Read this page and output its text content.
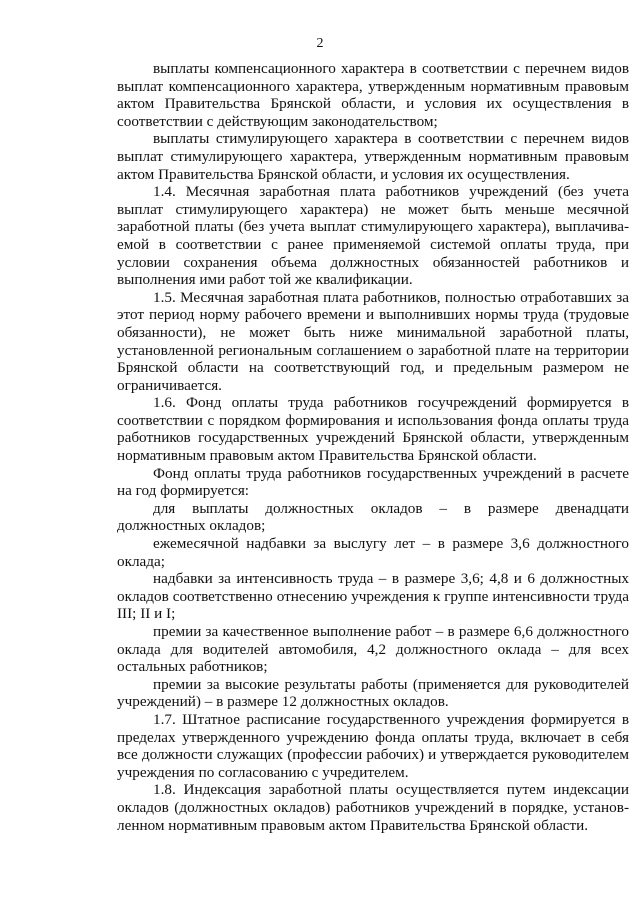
2

выплаты компенсационного характера в соответствии с перечнем видов выплат компенсационного характера, утвержденным нормативным правовым актом Правительства Брянской области, и условия их осуществления в соответствии с действующим законодательством;

выплаты стимулирующего характера в соответствии с перечнем видов выплат стимулирующего характера, утвержденным нормативным правовым актом Правительства Брянской области, и условия их осуществления.

1.4. Месячная заработная плата работников учреждений (без учета выплат стимулирующего характера) не может быть меньше месячной заработной платы (без учета выплат стимулирующего характера), выплачиваемой в соответствии с ранее применяемой системой оплаты труда, при условии сохранения объема должностных обязанностей работников и выполнения ими работ той же квалификации.

1.5. Месячная заработная плата работников, полностью отработавших за этот период норму рабочего времени и выполнивших нормы труда (трудовые обязанности), не может быть ниже минимальной заработной платы, установленной региональным соглашением о заработной плате на территории Брянской области на соответствующий год, и предельным размером не ограничивается.

1.6. Фонд оплаты труда работников госучреждений формируется в соответствии с порядком формирования и использования фонда оплаты труда работников государственных учреждений Брянской области, утвержденным нормативным правовым актом Правительства Брянской области.

Фонд оплаты труда работников государственных учреждений в расчете на год формируется:

для выплаты должностных окладов – в размере двенадцати должностных окладов;

ежемесячной надбавки за выслугу лет – в размере 3,6 должностного оклада;

надбавки за интенсивность труда – в размере 3,6; 4,8 и 6 должностных окладов соответственно отнесению учреждения к группе интенсивности труда III; II и I;

премии за качественное выполнение работ – в размере 6,6 должностного оклада для водителей автомобиля, 4,2 должностного оклада – для всех остальных работников;

премии за высокие результаты работы (применяется для руководителей учреждений) – в размере 12 должностных окладов.

1.7. Штатное расписание государственного учреждения формируется в пределах утвержденного учреждению фонда оплаты труда, включает в себя все должности служащих (профессии рабочих) и утверждается руководителем учреждения по согласованию с учредителем.

1.8. Индексация заработной платы осуществляется путем индексации окладов (должностных окладов) работников учреждений в порядке, установленном нормативным правовым актом Правительства Брянской области.
